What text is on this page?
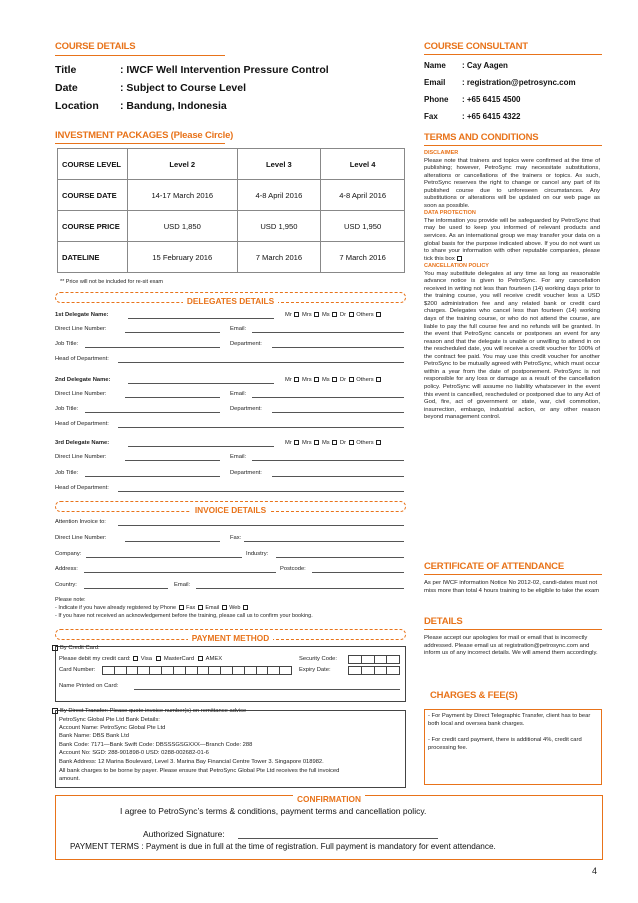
COURSE DETAILS
Title	: IWCF Well Intervention Pressure Control
Date	: Subject to Course Level
Location : Bandung, Indonesia
INVESTMENT PACKAGES (Please Circle)
COURSE LEVEL	Level 2	Level 3	Level 4
COURSE DATE	14-17 March 2016	4-8 April 2016	4-8 April 2016
COURSE PRICE	USD 1,850	USD 1,950	USD 1,950
DATELINE	15 February 2016	7 March 2016	7 March 2016
** Price will not be included for re-sit exam
DELEGATES DETAILS
1st Delegate Name:	Mr Mrs Ms Dr Others
Direct Line Number:	Email:
Job Title:	Department:
Head of Department:
2nd Delegate Name:	Mr Mrs Ms Dr Others
Direct Line Number:	Email:
Job Title:	Department:
Head of Department:
3rd Delegate Name:	Mr Mrs Ms Dr Others
Direct Line Number:	Email:
Job Title:	Department:
Head of Department:
INVOICE DETAILS
Attention Invoice to:
Direct Line Number:	Fax:
Company:	Industry:
Address:	Postcode:
Country:	Email:
Please note:
- Indicate if you have already registered by Phone Fax Email Web
- If you have not received an acknowledgement before the training, please call us to confirm your booking.
PAYMENT METHOD
By Credit Card:
Please debit my credit card: Visa MasterCard AMEX	Security Code:
Card Number:	Expiry Date:
Name Printed on Card:
By Direct Transfer: Please quote invoice number(s) on remittance advice
PetroSync Global Pte Ltd Bank Details:
Account Name: PetroSync Global Pte Ltd
Bank Name: DBS Bank Ltd
Bank Code: 7171—Bank Swift Code: DBSSSGSGXXX—Branch Code: 288
Account No: SGD: 288-901898-0 USD: 0288-002682-01-6
Bank Address: 12 Marina Boulevard, Level 3. Marina Bay Financial Centre Tower 3. Singapore 018982.
All bank charges to be borne by payer. Please ensure that PetroSync Global Pte Ltd receives the full invoiced
amount.
CONFIRMATION
I agree to PetroSync’s terms & conditions, payment terms and cancellation policy.
Authorized Signature:
PAYMENT TERMS : Payment is due in full at the time of registration. Full payment is mandatory for event attendance.
COURSE CONSULTANT
Name : Cay Aagen
Email : registration@petrosync.com
Phone : +65 6415 4500
Fax	: +65 6415 4322
TERMS AND CONDITIONS
DISCLAIMER
Please note that trainers and topics were confirmed at the time of publishing; however, PetroSync may necessitate substitutions, alterations or cancellations of the trainers or topics. As such, PetroSync reserves the right to change or cancel any part of its published course due to unforeseen circumstances. Any substitutions or alterations will be updated on our web page as soon as possible.
DATA PROTECTION
The information you provide will be safeguarded by PetroSync that may be used to keep you informed of relevant products and services. As an international group we may transfer your data on a global basis for the purpose indicated above. If you do not want us to share your information with other reputable companies, please tick this box
CANCELLATION POLICY
You may substitute delegates at any time as long as reasonable advance notice is given to PetroSync. For any cancellation received in writing not less than fourteen (14) working days prior to the training course, you will receive credit voucher less a USD $200 administration fee and any related bank or credit card charges. Delegates who cancel less than fourteen (14) working days of the training course, or who do not attend the course, are liable to pay the full course fee and no refunds will be granted. In the event that PetroSync cancels or postpones an event for any reason and that the delegate is unable or unwilling to attend in on the rescheduled date, you will receive a credit voucher for 100% of the contract fee paid. You may use this credit voucher for another PetroSync to be mutually agreed with PetroSync, which must occur within a year from the date of postponement. PetroSync is not responsible for any loss or damage as a result of the cancellation policy. PetroSync will assume no liability whatsoever in the event this event is cancelled, rescheduled or postponed due to any Act of God, fire, act of government or state, war, civil commotion, insurrection, embargo, industrial action, or any other reason beyond management control.
CERTIFICATE OF ATTENDANCE
As per IWCF information Notice No 2012-02, candi-dates must not miss more than total 4 hours training to be eligible to take the exam
DETAILS
Please accept our apologies for mail or email that is incorrectly addressed. Please email us at registration@petrosync.com and inform us of any incorrect details. We will amend them accordingly.
CHARGES & FEE(S)
- For Payment by Direct Telegraphic Transfer, client has to bear both local and oversea bank charges.
- For credit card payment, there is additional 4%, credit card processing fee.
4
